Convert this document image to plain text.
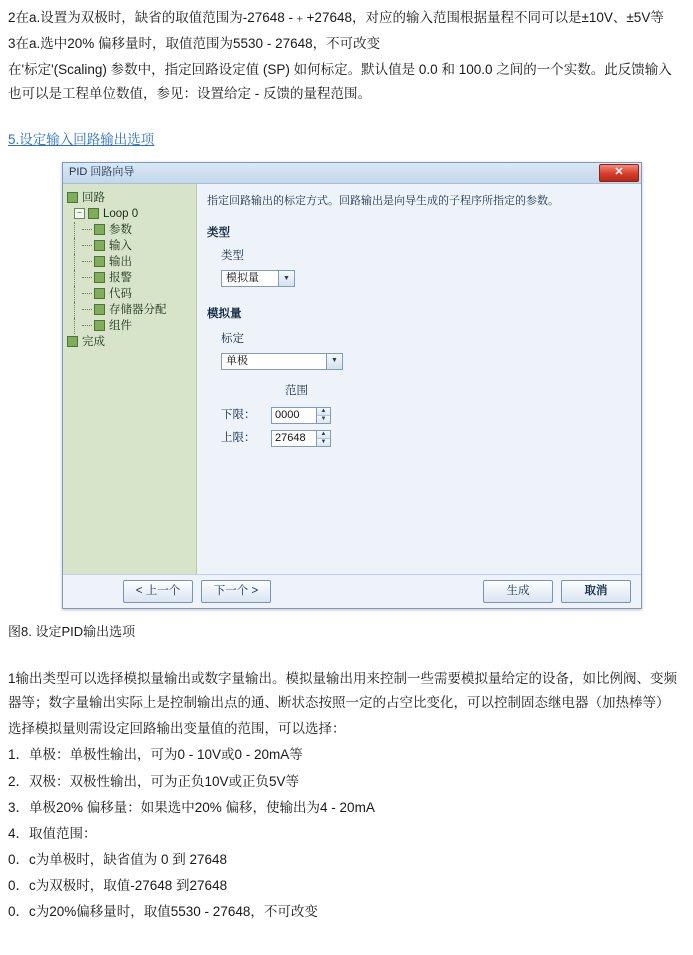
2在a.设置为双极时，缺省的取值范围为-27648 -﹢+27648，对应的输入范围根据量程不同可以是±10V、±5V等

3在a.选中20% 偏移量时，取值范围为5530 - 27648，不可改变

在'标定'(Scaling) 参数中，指定回路设定值 (SP) 如何标定。默认值是 0.0 和 100.0 之间的一个实数。此反馈输入也可以是工程单位数值，参见：设置给定 - 反馈的量程范围。

5.设定输入回路输出选项
PID 回路向导	✕
回路
− Loop 0
参数
输入
输出
报警
代码
存储器分配
组件
完成
指定回路输出的标定方式。回路输出是向导生成的子程序所指定的参数。
类型
类型
模拟量	▼
模拟量
标定
单极	▼
范围
下限：
0000	▲
▼
上限：
27648	▲
▼
< 上一个	下一个 >	生成	取消

图8. 设定PID输出选项

1输出类型可以选择模拟量输出或数字量输出。模拟量输出用来控制一些需要模拟量给定的设备，如比例阀、变频器等；数字量输出实际上是控制输出点的通、断状态按照一定的占空比变化，可以控制固态继电器（加热棒等）

选择模拟量则需设定回路输出变量值的范围，可以选择：

1．单极：单极性输出，可为0 - 10V或0 - 20mA等

2．双极：双极性输出，可为正负10V或正负5V等

3．单极20% 偏移量：如果选中20% 偏移，使输出为4 - 20mA

4．取值范围：

0．c为单极时，缺省值为 0 到 27648

0．c为双极时，取值-27648 到27648

0．c为20%偏移量时，取值5530 - 27648，不可改变
